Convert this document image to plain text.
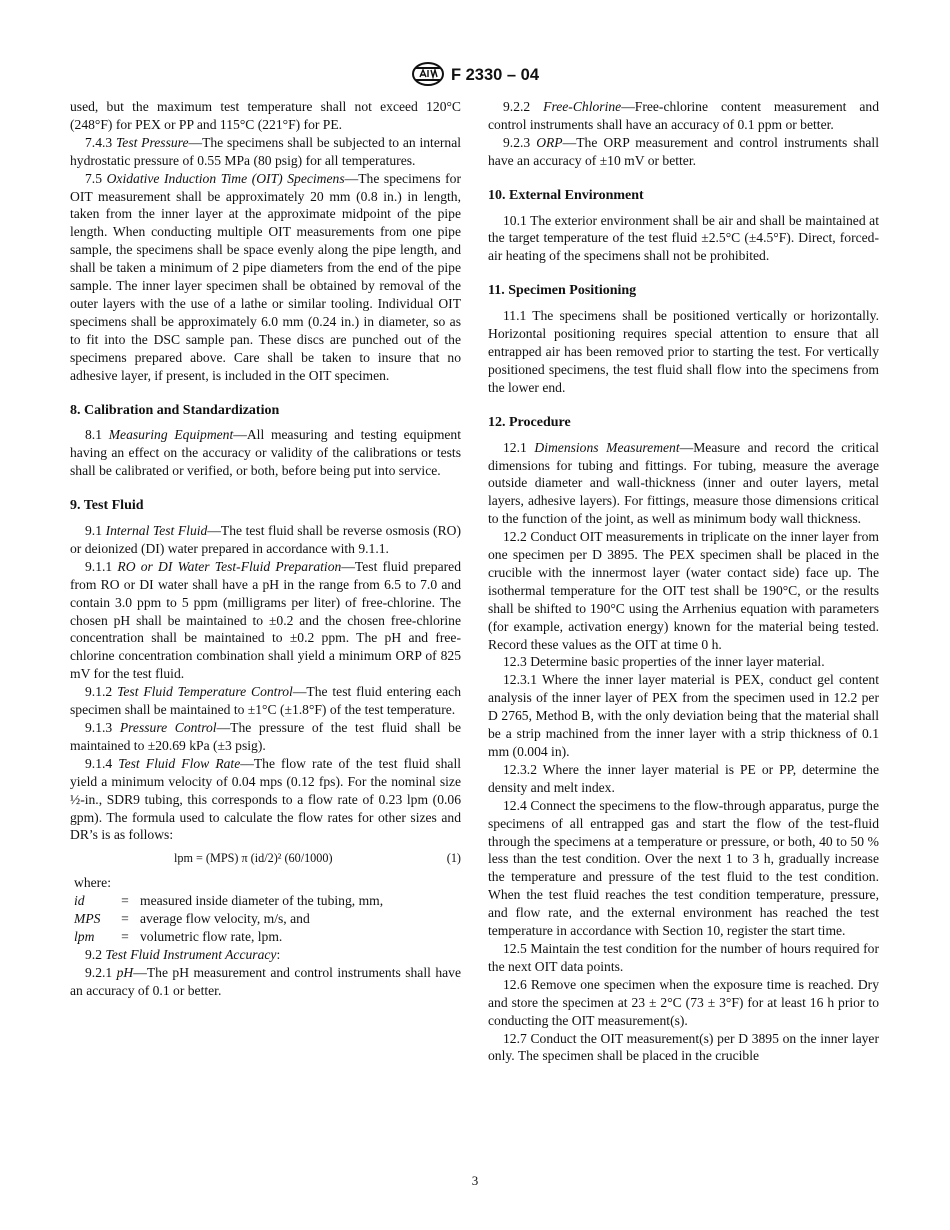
F 2330 – 04

used, but the maximum test temperature shall not exceed 120°C (248°F) for PEX or PP and 115°C (221°F) for PE.

7.4.3 Test Pressure—The specimens shall be subjected to an internal hydrostatic pressure of 0.55 MPa (80 psig) for all temperatures.

7.5 Oxidative Induction Time (OIT) Specimens—The specimens for OIT measurement shall be approximately 20 mm (0.8 in.) in length, taken from the inner layer at the approximate midpoint of the pipe length. When conducting multiple OIT measurements from one pipe sample, the specimens shall be space evenly along the pipe length, and shall be taken a minimum of 2 pipe diameters from the end of the pipe sample. The inner layer specimen shall be obtained by removal of the outer layers with the use of a lathe or similar tooling. Individual OIT specimens shall be approximately 6.0 mm (0.24 in.) in diameter, so as to fit into the DSC sample pan. These discs are punched out of the specimens prepared above. Care shall be taken to insure that no adhesive layer, if present, is included in the OIT specimen.

8. Calibration and Standardization

8.1 Measuring Equipment—All measuring and testing equipment having an effect on the accuracy or validity of the calibrations or tests shall be calibrated or verified, or both, before being put into service.

9. Test Fluid

9.1 Internal Test Fluid—The test fluid shall be reverse osmosis (RO) or deionized (DI) water prepared in accordance with 9.1.1.

9.1.1 RO or DI Water Test-Fluid Preparation—Test fluid prepared from RO or DI water shall have a pH in the range from 6.5 to 7.0 and contain 3.0 ppm to 5 ppm (milligrams per liter) of free-chlorine. The chosen pH shall be maintained to ±0.2 and the chosen free-chlorine concentration shall be maintained to ±0.2 ppm. The pH and free-chlorine concentration combination shall yield a minimum ORP of 825 mV for the test fluid.

9.1.2 Test Fluid Temperature Control—The test fluid entering each specimen shall be maintained to ±1°C (±1.8°F) of the test temperature.

9.1.3 Pressure Control—The pressure of the test fluid shall be maintained to ±20.69 kPa (±3 psig).

9.1.4 Test Fluid Flow Rate—The flow rate of the test fluid shall yield a minimum velocity of 0.04 mps (0.12 fps). For the nominal size ½-in., SDR9 tubing, this corresponds to a flow rate of 0.23 lpm (0.06 gpm). The formula used to calculate the flow rates for other sizes and DR’s is as follows:

lpm = (MPS) π (id/2)² (60/1000)	(1)

where:

id	=	measured inside diameter of the tubing, mm,
MPS	=	average flow velocity, m/s, and
lpm	=	volumetric flow rate, lpm.

9.2 Test Fluid Instrument Accuracy:

9.2.1 pH—The pH measurement and control instruments shall have an accuracy of 0.1 or better.

9.2.2 Free-Chlorine—Free-chlorine content measurement and control instruments shall have an accuracy of 0.1 ppm or better.

9.2.3 ORP—The ORP measurement and control instruments shall have an accuracy of ±10 mV or better.

10. External Environment

10.1 The exterior environment shall be air and shall be maintained at the target temperature of the test fluid ±2.5°C (±4.5°F). Direct, forced-air heating of the specimens shall not be prohibited.

11. Specimen Positioning

11.1 The specimens shall be positioned vertically or horizontally. Horizontal positioning requires special attention to ensure that all entrapped air has been removed prior to starting the test. For vertically positioned specimens, the test fluid shall flow into the specimens from the lower end.

12. Procedure

12.1 Dimensions Measurement—Measure and record the critical dimensions for tubing and fittings. For tubing, measure the average outside diameter and wall-thickness (inner and outer layers, metal layers, adhesive layers). For fittings, measure those dimensions critical to the function of the joint, as well as minimum body wall thickness.

12.2 Conduct OIT measurements in triplicate on the inner layer from one specimen per D 3895. The PEX specimen shall be placed in the crucible with the innermost layer (water contact side) face up. The isothermal temperature for the OIT test shall be 190°C, or the results shall be shifted to 190°C using the Arrhenius equation with parameters (for example, activation energy) known for the material being tested. Record these values as the OIT at time 0 h.

12.3 Determine basic properties of the inner layer material.

12.3.1 Where the inner layer material is PEX, conduct gel content analysis of the inner layer of PEX from the specimen used in 12.2 per D 2765, Method B, with the only deviation being that the material shall be a strip machined from the inner layer with a strip thickness of 0.1 mm (0.004 in).

12.3.2 Where the inner layer material is PE or PP, determine the density and melt index.

12.4 Connect the specimens to the flow-through apparatus, purge the specimens of all entrapped gas and start the flow of the test-fluid through the specimens at a temperature or pressure, or both, 40 to 50 % less than the test condition. Over the next 1 to 3 h, gradually increase the temperature and pressure of the test fluid to the test condition. When the test fluid reaches the test condition temperature, pressure, and flow rate, and the external environment has reached the test temperature in accordance with Section 10, register the start time.

12.5 Maintain the test condition for the number of hours required for the next OIT data points.

12.6 Remove one specimen when the exposure time is reached. Dry and store the specimen at 23 ± 2°C (73 ± 3°F) for at least 16 h prior to conducting the OIT measurement(s).

12.7 Conduct the OIT measurement(s) per D 3895 on the inner layer only. The specimen shall be placed in the crucible

3
